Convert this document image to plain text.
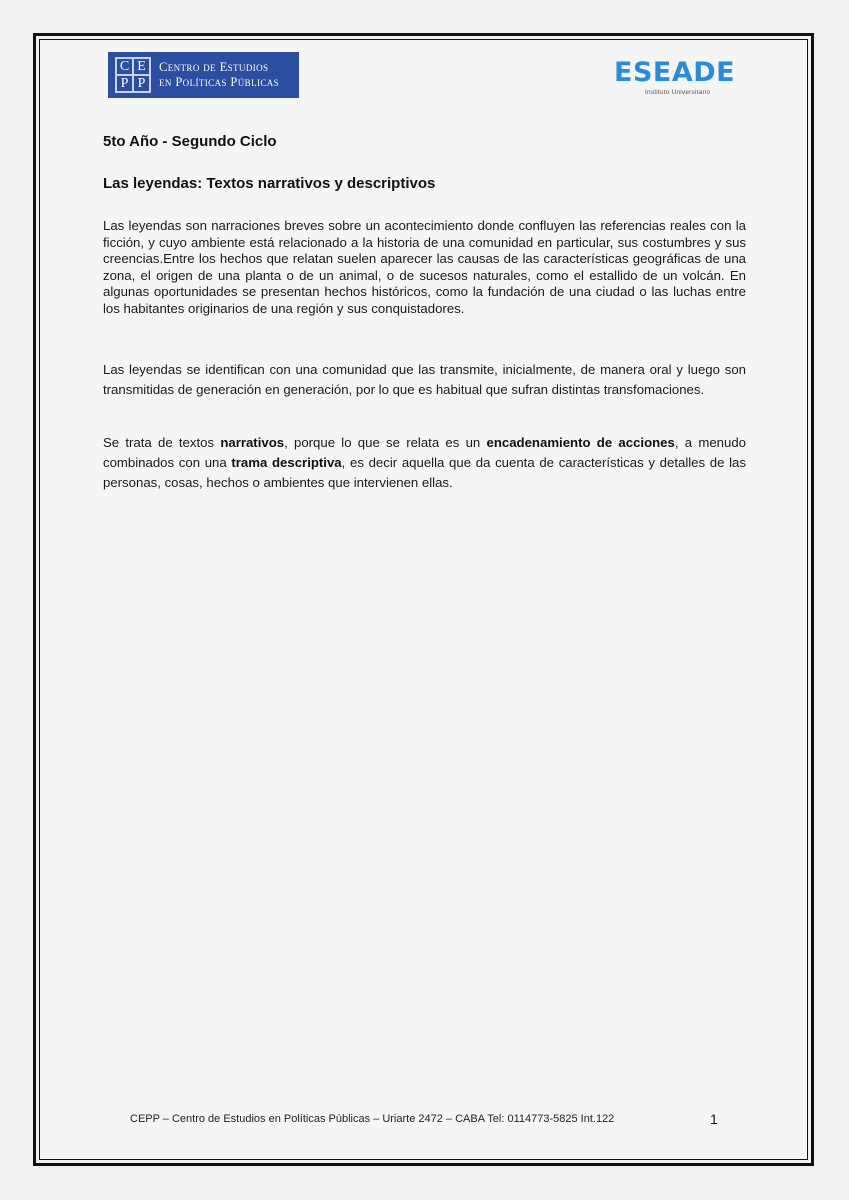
C E
P P
Centro de Estudios
en Políticas Públicas	ESEADE
Instituto Universitario
5to Año - Segundo Ciclo
Las leyendas: Textos narrativos y descriptivos

Las leyendas son narraciones breves sobre un acontecimiento donde confluyen las referencias reales con la ficción, y cuyo ambiente está relacionado a la historia de una comunidad en particular, sus costumbres y sus creencias.Entre los hechos que relatan suelen aparecer las causas de las características geográficas de una zona, el origen de una planta o de un animal, o de sucesos naturales, como el estallido de un volcán. En algunas oportunidades se presentan hechos históricos, como la fundación de una ciudad o las luchas entre los habitantes originarios de una región y sus conquistadores.

Las leyendas se identifican con una comunidad que las transmite, inicialmente, de manera oral y luego son transmitidas de generación en generación, por lo que es habitual que sufran distintas transfomaciones.

Se trata de textos narrativos, porque lo que se relata es un encadenamiento de acciones, a menudo combinados con una trama descriptiva, es decir aquella que da cuenta de características y detalles de las personas, cosas, hechos o ambientes que intervienen ellas.

CEPP – Centro de Estudios en Políticas Públicas – Uriarte 2472 – CABA Tel: 0114773-5825 Int.122	1
